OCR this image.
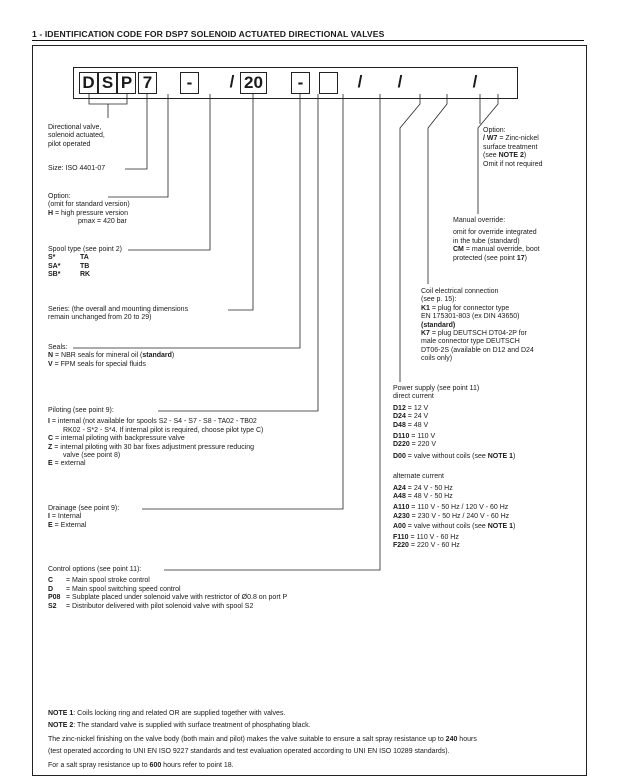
1 - IDENTIFICATION CODE FOR DSP7 SOLENOID ACTUATED DIRECTIONAL VALVES
D S P 7	-	/ 20	-	/ /	/
Directional valve,
solenoid actuated,
pilot operated
Size: ISO 4401-07
Option:
(omit for standard version)
H = high pressure version
pmax = 420 bar
Spool type (see point 2)
S*	TA
SA*	TB
SB*	RK
Series: (the overall and mounting dimensions
remain unchanged from 20 to 29)
Seals:
N = NBR seals for mineral oil (standard)
V = FPM seals for special fluids
Piloting (see point 9):
I = internal (not available for spools S2 - S4 - S7 - S8 - TA02 - TB02
RK02 - S*2 - S*4. If internal pilot is required, choose pilot type C)
C = internal piloting with backpressure valve
Z = internal piloting with 30 bar fixes adjustment pressure reducing
valve (see point 8)
E = external
Drainage (see point 9):
I = Internal
E = External
Control options (see point 11):
C = Main spool stroke control
D = Main spool switching speed control
P08 = Subplate placed under solenoid valve with restrictor of Ø0.8 on port P
S2 = Distributor delivered with pilot solenoid valve with spool S2
Option:
/ W7 = Zinc-nickel
surface treatment
(see NOTE 2)
Omit if not required
Manual override:
omit for override integrated
in the tube (standard)
CM = manual override, boot
protected (see point 17)
Coil electrical connection
(see p. 15):
K1 = plug for connector type
EN 175301-803 (ex DIN 43650)
(standard)
K7 = plug DEUTSCH DT04-2P for
male connector type DEUTSCH
DT06-2S (available on D12 and D24
coils only)
Power supply (see point 11)
direct current
D12 = 12 V
D24 = 24 V
D48 = 48 V
D110 = 110 V
D220 = 220 V
D00 = valve without coils (see NOTE 1)
alternate current
A24 = 24 V - 50 Hz
A48 = 48 V - 50 Hz
A110 = 110 V - 50 Hz / 120 V - 60 Hz
A230 = 230 V - 50 Hz / 240 V - 60 Hz
A00 = valve without coils (see NOTE 1)
F110 = 110 V - 60 Hz
F220 = 220 V - 60 Hz
NOTE 1: Coils locking ring and related OR are supplied together with valves.
NOTE 2: The standard valve is supplied with surface treatment of phosphating black.
The zinc-nickel finishing on the valve body (both main and pilot) makes the valve suitable to ensure a salt spray resistance up to 240 hours
(test operated according to UNI EN ISO 9227 standards and test evaluation operated according to UNI EN ISO 10289 standards).
For a salt spray resistance up to 600 hours refer to point 18.
